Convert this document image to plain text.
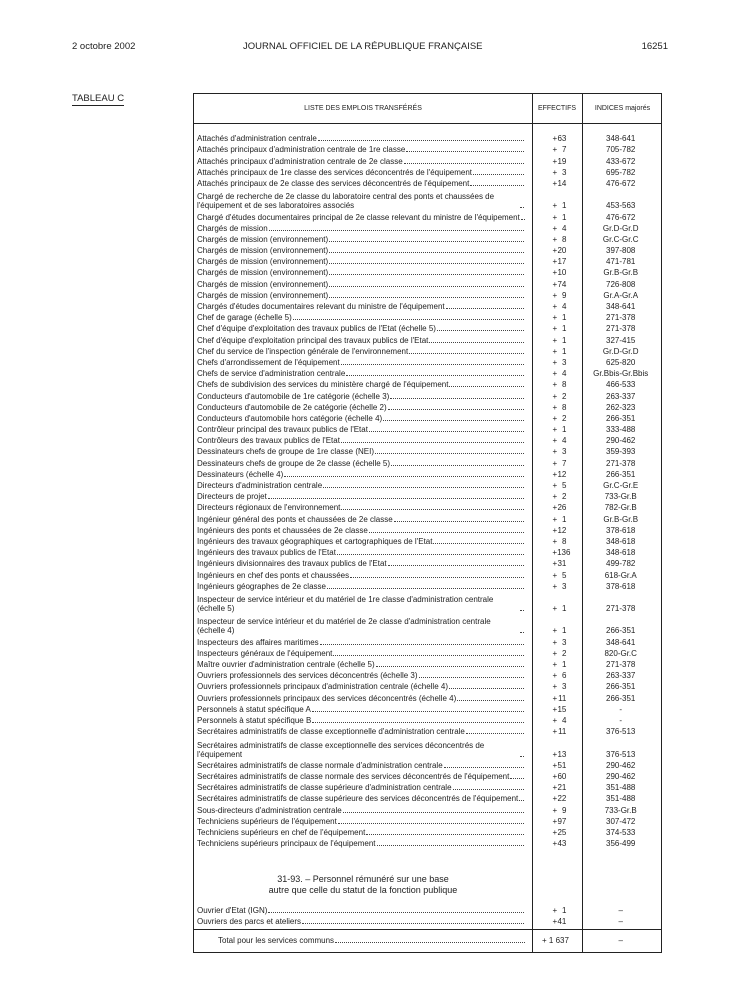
2 octobre 2002	JOURNAL OFFICIEL DE LA RÉPUBLIQUE FRANÇAISE	16251
TABLEAU C
LISTE DES EMPLOIS TRANSFÉRÉS	EFFECTIFS	INDICES majorés
Attachés d'administration centrale	+ 63	348-641
Attachés principaux d'administration centrale de 1re classe	+ 7	705-782
Attachés principaux d'administration centrale de 2e classe	+ 19	433-672
Attachés principaux de 1re classe des services déconcentrés de l'équipement	+ 3	695-782
Attachés principaux de 2e classe des services déconcentrés de l'équipement	+ 14	476-672
Chargé de recherche de 2e classe du laboratoire central des ponts et chaussées de l'équipement et de ses laboratoires associés	+ 1	453-563
Chargé d'études documentaires principal de 2e classe relevant du ministre de l'équipement	+ 1	476-672
Chargés de mission	+ 4	Gr.D-Gr.D
Chargés de mission (environnement)	+ 8	Gr.C-Gr.C
Chargés de mission (environnement)	+ 20	397-808
Chargés de mission (environnement)	+ 17	471-781
Chargés de mission (environnement)	+ 10	Gr.B-Gr.B
Chargés de mission (environnement)	+ 74	726-808
Chargés de mission (environnement)	+ 9	Gr.A-Gr.A
Chargés d'études documentaires relevant du ministre de l'équipement	+ 4	348-641
Chef de garage (échelle 5)	+ 1	271-378
Chef d'équipe d'exploitation des travaux publics de l'Etat (échelle 5)	+ 1	271-378
Chef d'équipe d'exploitation principal des travaux publics de l'Etat	+ 1	327-415
Chef du service de l'inspection générale de l'environnement	+ 1	Gr.D-Gr.D
Chefs d'arrondissement de l'équipement	+ 3	625-820
Chefs de service d'administration centrale	+ 4	Gr.Bbis-Gr.Bbis
Chefs de subdivision des services du ministère chargé de l'équipement	+ 8	466-533
Conducteurs d'automobile de 1re catégorie (échelle 3)	+ 2	263-337
Conducteurs d'automobile de 2e catégorie (échelle 2)	+ 8	262-323
Conducteurs d'automobile hors catégorie (échelle 4)	+ 2	266-351
Contrôleur principal des travaux publics de l'Etat	+ 1	333-488
Contrôleurs des travaux publics de l'Etat	+ 4	290-462
Dessinateurs chefs de groupe de 1re classe (NEI)	+ 3	359-393
Dessinateurs chefs de groupe de 2e classe (échelle 5)	+ 7	271-378
Dessinateurs (échelle 4)	+ 12	266-351
Directeurs d'administration centrale	+ 5	Gr.C-Gr.E
Directeurs de projet	+ 2	733-Gr.B
Directeurs régionaux de l'environnement	+ 26	782-Gr.B
Ingénieur général des ponts et chaussées de 2e classe	+ 1	Gr.B-Gr.B
Ingénieurs des ponts et chaussées de 2e classe	+ 12	378-618
Ingénieurs des travaux géographiques et cartographiques de l'Etat	+ 8	348-618
Ingénieurs des travaux publics de l'Etat	+ 136	348-618
Ingénieurs divisionnaires des travaux publics de l'Etat	+ 31	499-782
Ingénieurs en chef des ponts et chaussées	+ 5	618-Gr.A
Ingénieurs géographes de 2e classe	+ 3	378-618
Inspecteur de service intérieur et du matériel de 1re classe d'administration centrale (échelle 5)	+ 1	271-378
Inspecteur de service intérieur et du matériel de 2e classe d'administration centrale (échelle 4)	+ 1	266-351
Inspecteurs des affaires maritimes	+ 3	348-641
Inspecteurs généraux de l'équipement	+ 2	820-Gr.C
Maître ouvrier d'administration centrale (échelle 5)	+ 1	271-378
Ouvriers professionnels des services déconcentrés (échelle 3)	+ 6	263-337
Ouvriers professionnels principaux d'administration centrale (échelle 4)	+ 3	266-351
Ouvriers professionnels principaux des services déconcentrés (échelle 4)	+ 11	266-351
Personnels à statut spécifique A	+ 15	-
Personnels à statut spécifique B	+ 4	-
Secrétaires administratifs de classe exceptionnelle d'administration centrale	+ 11	376-513
Secrétaires administratifs de classe exceptionnelle des services déconcentrés de l'équipement	+ 13	376-513
Secrétaires administratifs de classe normale d'administration centrale	+ 51	290-462
Secrétaires administratifs de classe normale des services déconcentrés de l'équipement	+ 60	290-462
Secrétaires administratifs de classe supérieure d'administration centrale	+ 21	351-488
Secrétaires administratifs de classe supérieure des services déconcentrés de l'équipement	+ 22	351-488
Sous-directeurs d'administration centrale	+ 9	733-Gr.B
Techniciens supérieurs de l'équipement	+ 97	307-472
Techniciens supérieurs en chef de l'équipement	+ 25	374-533
Techniciens supérieurs principaux de l'équipement	+ 43	356-499
31-93. – Personnel rémunéré sur une base
autre que celle du statut de la fonction publique
Ouvrier d'Etat (IGN)	+ 1	–
Ouvriers des parcs et ateliers	+ 41	–
Total pour les services communs	+ 1 637	–
